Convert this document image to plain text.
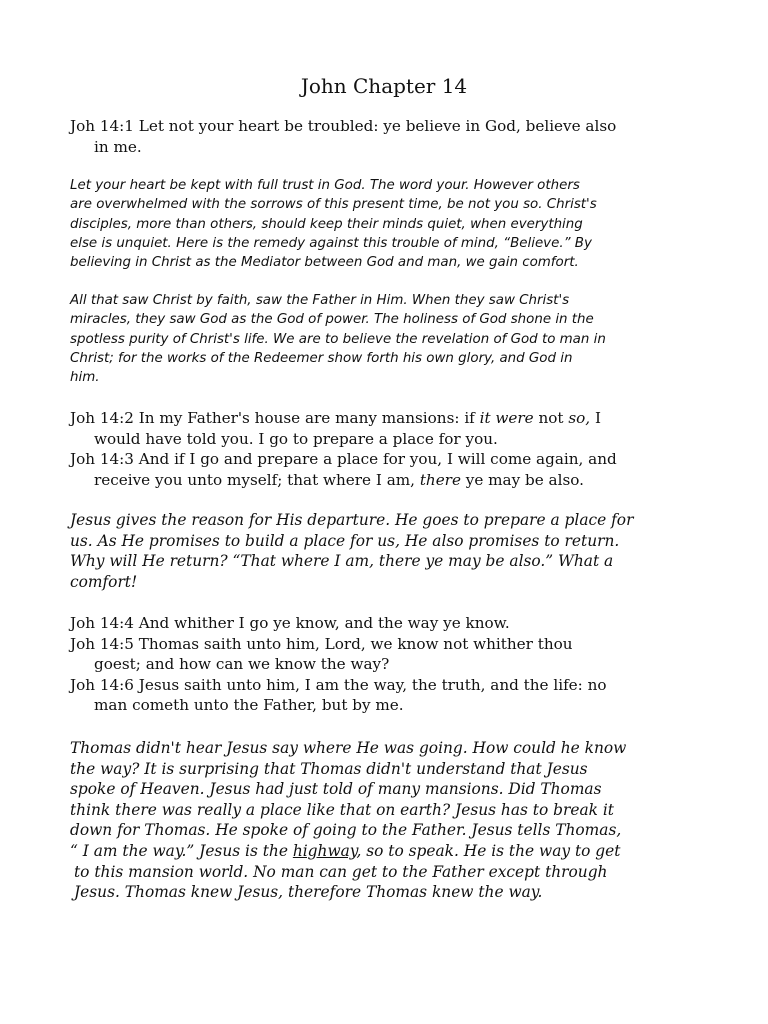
John Chapter 14
Joh 14:1 Let not your heart be troubled: ye believe in God, believe also
in me.
Let your heart be kept with full trust in God. The word your. However others
are overwhelmed with the sorrows of this present time, be not you so. Christ's
disciples, more than others, should keep their minds quiet, when everything
else is unquiet. Here is the remedy against this trouble of mind, “Believe.” By
believing in Christ as the Mediator between God and man, we gain comfort.
All that saw Christ by faith, saw the Father in Him. When they saw Christ's
miracles, they saw God as the God of power. The holiness of God shone in the
spotless purity of Christ's life. We are to believe the revelation of God to man in
Christ; for the works of the Redeemer show forth his own glory, and God in
him.
Joh 14:2 In my Father's house are many mansions: if it were not so, I
would have told you. I go to prepare a place for you.
Joh 14:3 And if I go and prepare a place for you, I will come again, and
receive you unto myself; that where I am, there ye may be also.
Jesus gives the reason for His departure. He goes to prepare a place for
us. As He promises to build a place for us, He also promises to return.
Why will He return? “That where I am, there ye may be also.” What a
comfort!
Joh 14:4 And whither I go ye know, and the way ye know.
Joh 14:5 Thomas saith unto him, Lord, we know not whither thou
goest; and how can we know the way?
Joh 14:6 Jesus saith unto him, I am the way, the truth, and the life: no
man cometh unto the Father, but by me.
Thomas didn't hear Jesus say where He was going. How could he know
the way? It is surprising that Thomas didn't understand that Jesus
spoke of Heaven. Jesus had just told of many mansions. Did Thomas
think there was really a place like that on earth? Jesus has to break it
down for Thomas. He spoke of going to the Father. Jesus tells Thomas,
“ I am the way.” Jesus is the highway, so to speak. He is the way to get
to this mansion world. No man can get to the Father except through
Jesus. Thomas knew Jesus, therefore Thomas knew the way.
